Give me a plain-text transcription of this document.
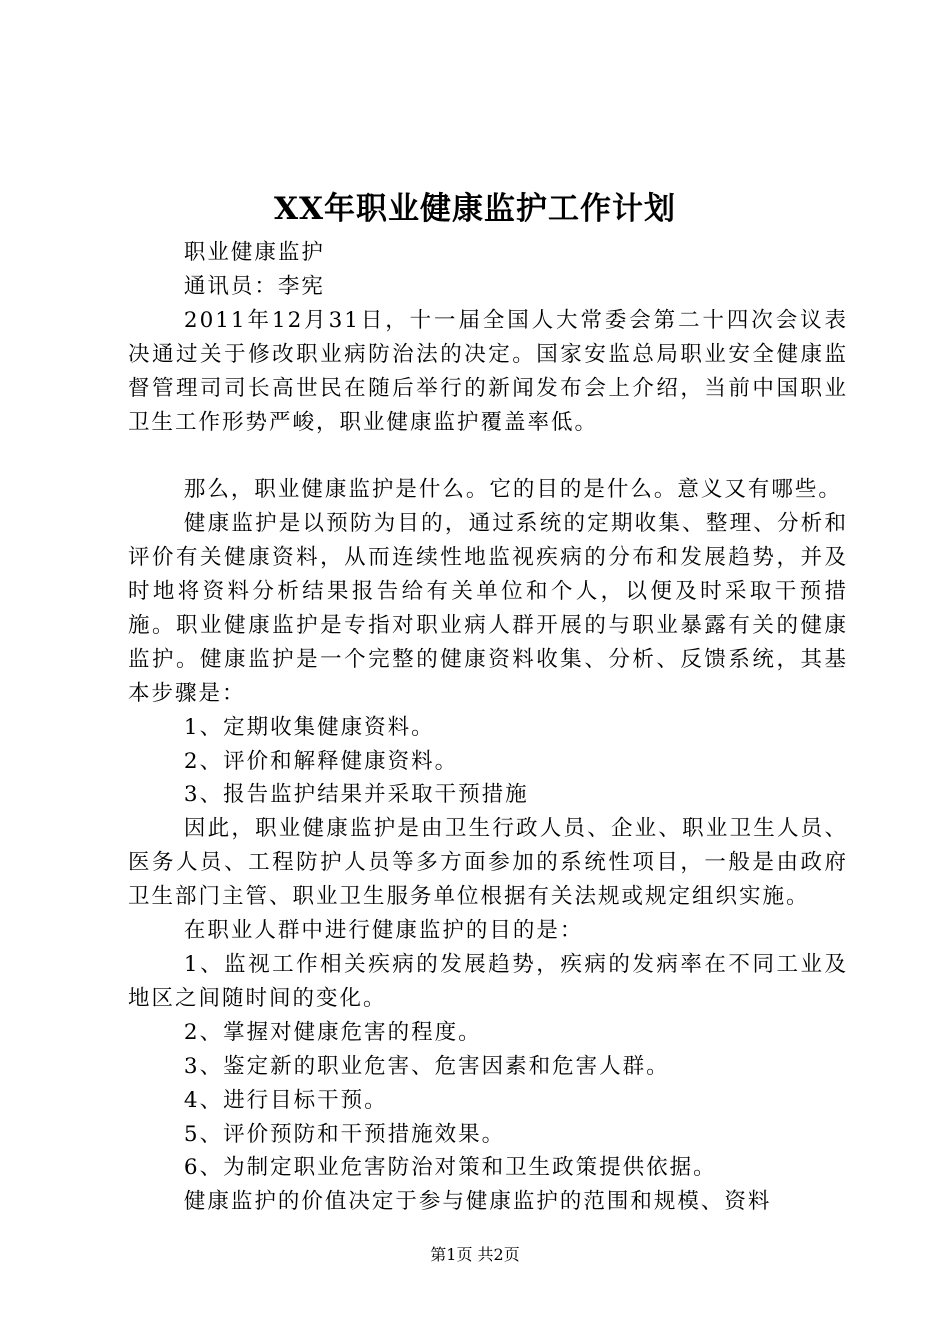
XX年职业健康监护工作计划

职业健康监护

通讯员：李宪

2011年12月31日，十一届全国人大常委会第二十四次会议表决通过关于修改职业病防治法的决定。国家安监总局职业安全健康监督管理司司长高世民在随后举行的新闻发布会上介绍，当前中国职业卫生工作形势严峻，职业健康监护覆盖率低。

那么，职业健康监护是什么。它的目的是什么。意义又有哪些。

健康监护是以预防为目的，通过系统的定期收集、整理、分析和评价有关健康资料，从而连续性地监视疾病的分布和发展趋势，并及时地将资料分析结果报告给有关单位和个人，以便及时采取干预措施。职业健康监护是专指对职业病人群开展的与职业暴露有关的健康监护。健康监护是一个完整的健康资料收集、分析、反馈系统，其基本步骤是：

1、定期收集健康资料。

2、评价和解释健康资料。

3、报告监护结果并采取干预措施

因此，职业健康监护是由卫生行政人员、企业、职业卫生人员、医务人员、工程防护人员等多方面参加的系统性项目，一般是由政府卫生部门主管、职业卫生服务单位根据有关法规或规定组织实施。

在职业人群中进行健康监护的目的是：

1、监视工作相关疾病的发展趋势，疾病的发病率在不同工业及地区之间随时间的变化。

2、掌握对健康危害的程度。

3、鉴定新的职业危害、危害因素和危害人群。

4、进行目标干预。

5、评价预防和干预措施效果。

6、为制定职业危害防治对策和卫生政策提供依据。

健康监护的价值决定于参与健康监护的范围和规模、资料

第1页 共2页
